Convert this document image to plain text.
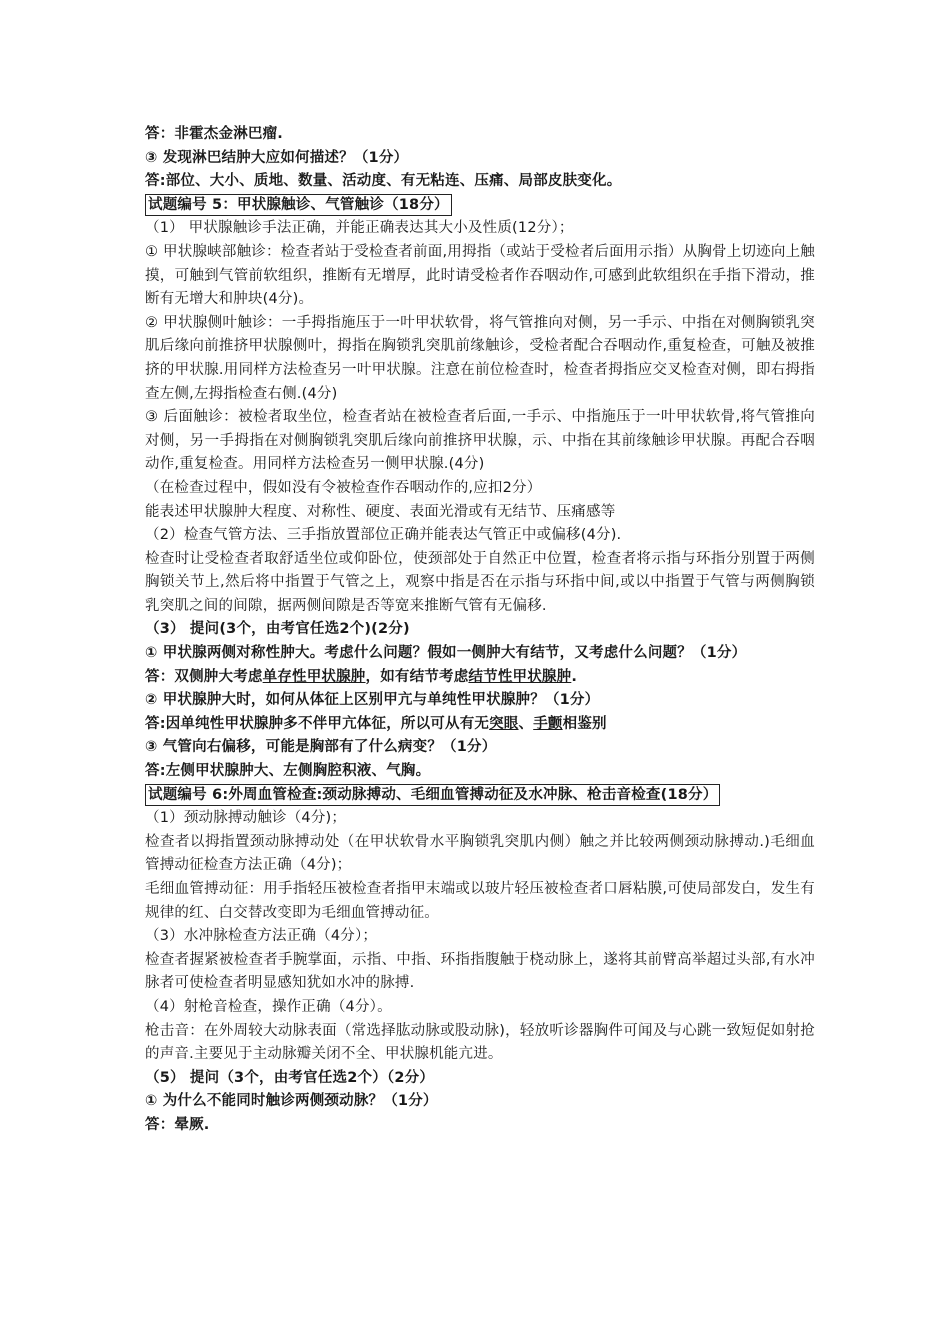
答：非霍杰金淋巴瘤.

③ 发现淋巴结肿大应如何描述？（1分）

答:部位、大小、质地、数量、活动度、有无粘连、压痛、局部皮肤变化。

试题编号 5：甲状腺触诊、气管触诊（18分）

（1） 甲状腺触诊手法正确，并能正确表达其大小及性质(12分）；

① 甲状腺峡部触诊：检查者站于受检查者前面,用拇指（或站于受检者后面用示指）从胸骨上切迹向上触摸，可触到气管前软组织，推断有无增厚，此时请受检者作吞咽动作,可感到此软组织在手指下滑动，推断有无增大和肿块(4分)。

② 甲状腺侧叶触诊：一手拇指施压于一叶甲状软骨，将气管推向对侧，另一手示、中指在对侧胸锁乳突肌后缘向前推挤甲状腺侧叶，拇指在胸锁乳突肌前缘触诊，受检者配合吞咽动作,重复检查，可触及被推挤的甲状腺.用同样方法检查另一叶甲状腺。注意在前位检查时，检查者拇指应交叉检查对侧，即右拇指查左侧,左拇指检查右侧.(4分)

③ 后面触诊：被检者取坐位，检查者站在被检查者后面,一手示、中指施压于一叶甲状软骨,将气管推向对侧，另一手拇指在对侧胸锁乳突肌后缘向前推挤甲状腺，示、中指在其前缘触诊甲状腺。再配合吞咽动作,重复检查。用同样方法检查另一侧甲状腺.(4分)

（在检查过程中，假如没有令被检查作吞咽动作的,应扣2分）

能表述甲状腺肿大程度、对称性、硬度、表面光滑或有无结节、压痛感等

（2）检查气管方法、三手指放置部位正确并能表达气管正中或偏移(4分).

检查时让受检查者取舒适坐位或仰卧位，使颈部处于自然正中位置，检查者将示指与环指分别置于两侧胸锁关节上,然后将中指置于气管之上，观察中指是否在示指与环指中间,或以中指置于气管与两侧胸锁乳突肌之间的间隙，据两侧间隙是否等宽来推断气管有无偏移.

（3） 提问(3个，由考官任选2个)(2分)

① 甲状腺两侧对称性肿大。考虑什么问题？假如一侧肿大有结节，又考虑什么问题？（1分）

答：双侧肿大考虑单存性甲状腺肿，如有结节考虑结节性甲状腺肿.

② 甲状腺肿大时，如何从体征上区别甲亢与单纯性甲状腺肿？（1分）

答:因单纯性甲状腺肿多不伴甲亢体征，所以可从有无突眼、手颤相鉴别

③ 气管向右偏移，可能是胸部有了什么病变？（1分）

答:左侧甲状腺肿大、左侧胸腔积液、气胸。

试题编号 6:外周血管检查:颈动脉搏动、毛细血管搏动征及水冲脉、枪击音检查(18分）

（1）颈动脉搏动触诊（4分)；

检查者以拇指置颈动脉搏动处（在甲状软骨水平胸锁乳突肌内侧）触之并比较两侧颈动脉搏动.)毛细血管搏动征检查方法正确（4分)；

毛细血管搏动征：用手指轻压被检查者指甲末端或以玻片轻压被检查者口唇粘膜,可使局部发白，发生有规律的红、白交替改变即为毛细血管搏动征。

（3）水冲脉检查方法正确（4分）；

检查者握紧被检查者手腕掌面，示指、中指、环指指腹触于桡动脉上，遂将其前臂高举超过头部,有水冲脉者可使检查者明显感知犹如水冲的脉搏.

（4）射枪音检查，操作正确（4分）。

枪击音：在外周较大动脉表面（常选择肱动脉或股动脉)，轻放听诊器胸件可闻及与心跳一致短促如射抢的声音.主要见于主动脉瓣关闭不全、甲状腺机能亢进。

（5） 提问（3个，由考官任选2个）（2分）

① 为什么不能同时触诊两侧颈动脉？（1分）

答：晕厥.
